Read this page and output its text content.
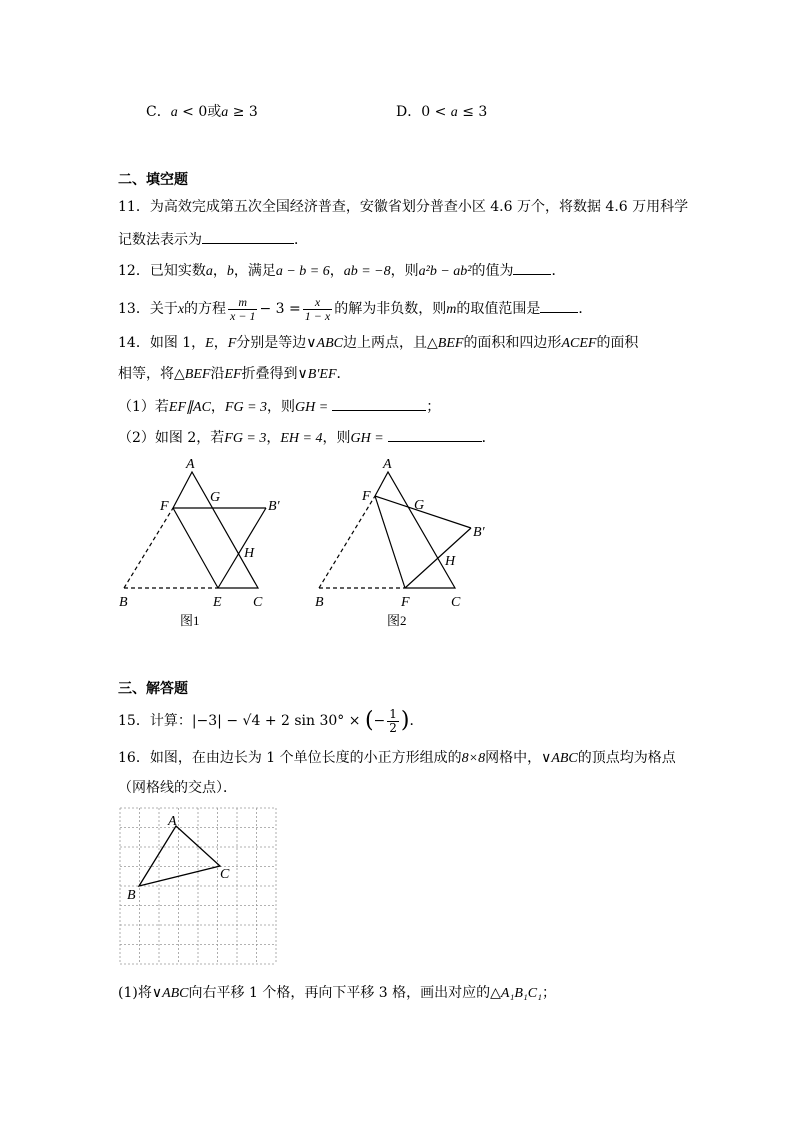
C．a < 0或a ≥ 3	D．0 < a ≤ 3
二、填空题
11．为高效完成第五次全国经济普查，安徽省划分普查小区 4.6 万个，将数据 4.6 万用科学
记数法表示为	．
12．已知实数a，b，满足a − b = 6，ab = −8，则a²b − ab²的值为	．
13．关于x的方程 $\frac{m}{x - 1} - 3 = \frac{x}{1 - x}$ 的解为非负数，则m的取值范围是	．
14．如图 1，E，F分别是等边∨ABC边上两点，且△BEF的面积和四边形ACEF的面积
相等，将△BEF沿EF折叠得到∨B′EF．
（1）若EF∥AC，FG = 3，则GH =	；
（2）如图 2，若FG = 3，EH = 4，则GH =	．
A
F
G
B′
H
B	E C
图1
A
F
G
B′
H
B	F	C
图2
三、解答题
15．计算：|−3| − √4 + 2 sin 30° × (− $\frac{1}{2}$ )．
16．如图，在由边长为 1 个单位长度的小正方形组成的8×8网格中，∨ABC的顶点均为格点
（网格线的交点）．
A
C
B
(1)将∨ABC向右平移 1 个格，再向下平移 3 格，画出对应的△A₁B₁C₁；
